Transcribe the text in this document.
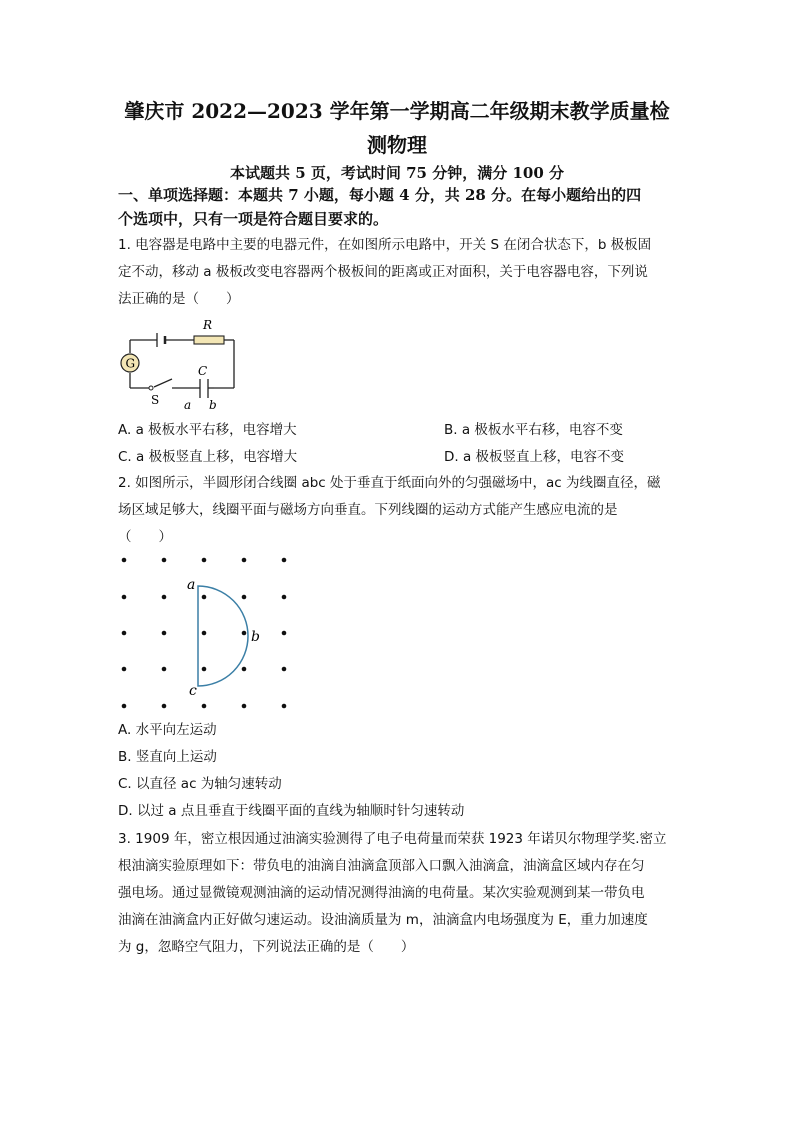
肇庆市 2022—2023 学年第一学期高二年级期末教学质量检
测物理
本试题共 5 页，考试时间 75 分钟，满分 100 分
一、单项选择题：本题共 7 小题，每小题 4 分，共 28 分。在每小题给出的四
个选项中，只有一项是符合题目要求的。
1. 电容器是电路中主要的电器元件，在如图所示电路中，开关 S 在闭合状态下，b 极板固
定不动，移动 a 极板改变电容器两个极板间的距离或正对面积，关于电容器电容，下列说
法正确的是（　　）
R
G
S
C
a b
A. a 极板水平右移，电容增大	B. a 极板水平右移，电容不变
C. a 极板竖直上移，电容增大	D. a 极板竖直上移，电容不变
2. 如图所示，半圆形闭合线圈 abc 处于垂直于纸面向外的匀强磁场中，ac 为线圈直径，磁
场区域足够大，线圈平面与磁场方向垂直。下列线圈的运动方式能产生感应电流的是
（　　）
a
b
c
A. 水平向左运动
B. 竖直向上运动
C. 以直径 ac 为轴匀速转动
D. 以过 a 点且垂直于线圈平面的直线为轴顺时针匀速转动
3. 1909 年，密立根因通过油滴实验测得了电子电荷量而荣获 1923 年诺贝尔物理学奖.密立
根油滴实验原理如下：带负电的油滴自油滴盒顶部入口飘入油滴盒，油滴盒区域内存在匀
强电场。通过显微镜观测油滴的运动情况测得油滴的电荷量。某次实验观测到某一带负电
油滴在油滴盒内正好做匀速运动。设油滴质量为 m，油滴盒内电场强度为 E，重力加速度
为 g，忽略空气阻力，下列说法正确的是（　　）
